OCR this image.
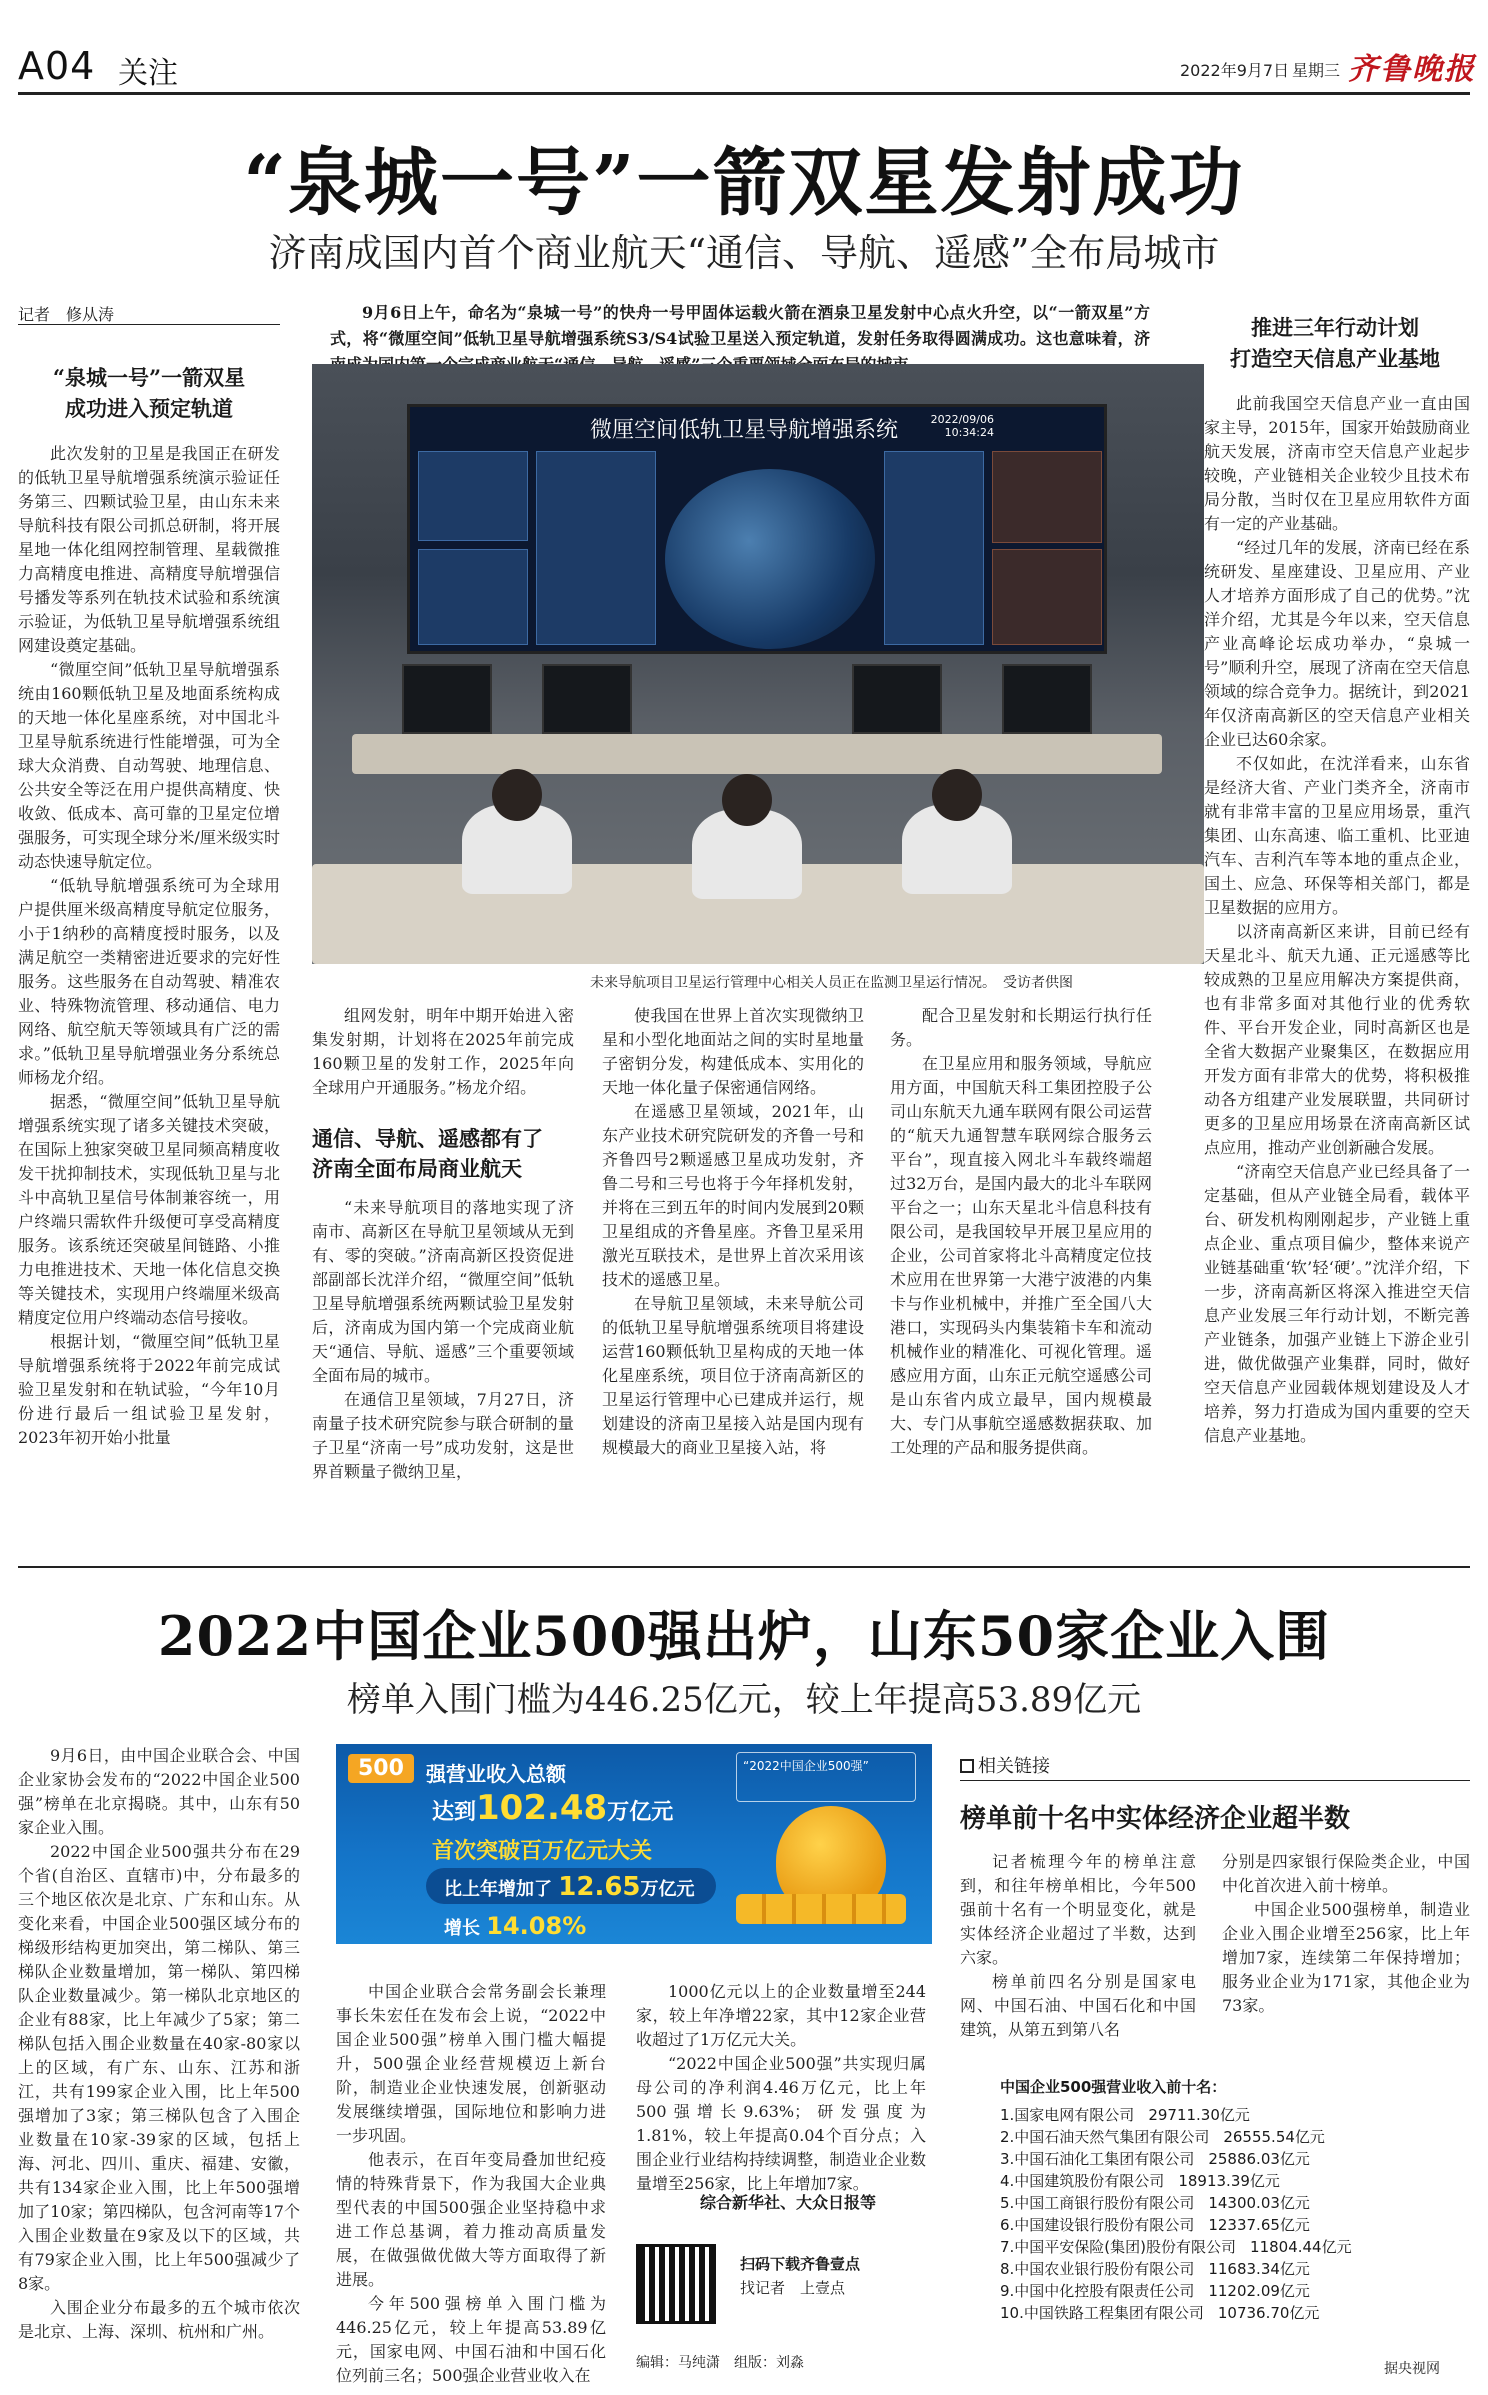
A04 关注	2022年9月7日 星期三 齐鲁晚报
“泉城一号”一箭双星发射成功
济南成国内首个商业航天“通信、导航、遥感”全布局城市
记者　修从涛	9月6日上午，命名为“泉城一号”的快舟一号甲固体运载火箭在酒泉卫星发射中心点火升空，以“一箭双星”方式，将“微厘空间”低轨卫星导航增强系统S3/S4试验卫星送入预定轨道，发射任务取得圆满成功。这也意味着，济
“泉城一号”一箭双星
成功进入预定轨道

此次发射的卫星是我国正在研发的低轨卫星导航增强系统演示验证任务第三、四颗试验卫星，由山东未来导航科技有限公司抓总研制，将开展星地一体化组网控制管理、星载微推力高精度电推进、高精度导航增强信号播发等系列在轨技术试验和系统演示验证，为低轨卫星导航增强系统组网建设奠定基础。

“微厘空间”低轨卫星导航增强系统由160颗低轨卫星及地面系统构成的天地一体化星座系统，对中国北斗卫星导航系统进行性能增强，可为全球大众消费、自动驾驶、地理信息、公共安全等泛在用户提供高精度、快收敛、低成本、高可靠的卫星定位增强服务，可实现全球分米/厘米级实时动态快速导航定位。

“低轨导航增强系统可为全球用户提供厘米级高精度导航定位服务，小于1纳秒的高精度授时服务，以及满足航空一类精密进近要求的完好性服务。这些服务在自动驾驶、精准农业、特殊物流管理、移动通信、电力网络、航空航天等领域具有广泛的需求。”低轨卫星导航增强业务分系统总师杨龙介绍。

据悉，“微厘空间”低轨卫星导航增强系统实现了诸多关键技术突破，在国际上独家突破卫星同频高精度收发干扰抑制技术，实现低轨卫星与北斗中高轨卫星信号体制兼容统一，用户终端只需软件升级便可享受高精度服务。该系统还突破星间链路、小推力电推进技术、天地一体化信息交换等关键技术，实现用户终端厘米级高精度定位用户终端动态信号接收。

根据计划，“微厘空间”低轨卫星导航增强系统将于2022年前完成试验卫星发射和在轨试验，“今年10月份进行最后一组试验卫星发射，2023年初开始小批量

微厘空间低轨卫星导航增强系统	2022/09/06
10:34:24
未来导航项目卫星运行管理中心相关人员正在监测卫星运行情况。　受访者供图

组网发射，明年中期开始进入密集发射期，计划将在2025年前完成160颗卫星的发射工作，2025年向全球用户开通服务。”杨龙介绍。

通信、导航、遥感都有了
济南全面布局商业航天

“未来导航项目的落地实现了济南市、高新区在导航卫星领域从无到有、零的突破。”济南高新区投资促进部副部长沈洋介绍，“微厘空间”低轨卫星导航增强系统两颗试验卫星发射后，济南成为国内第一个完成商业航天“通信、导航、遥感”三个重要领域全面布局的城市。

在通信卫星领域，7月27日，济南量子技术研究院参与联合研制的量子卫星“济南一号”成功发射，这是世界首颗量子微纳卫星，

使我国在世界上首次实现微纳卫星和小型化地面站之间的实时星地量子密钥分发，构建低成本、实用化的天地一体化量子保密通信网络。

在遥感卫星领域，2021年，山东产业技术研究院研发的齐鲁一号和齐鲁四号2颗遥感卫星成功发射，齐鲁二号和三号也将于今年择机发射，并将在三到五年的时间内发展到20颗卫星组成的齐鲁星座。齐鲁卫星采用激光互联技术，是世界上首次采用该技术的遥感卫星。

在导航卫星领域，未来导航公司的低轨卫星导航增强系统项目将建设运营160颗低轨卫星构成的天地一体化星座系统，项目位于济南高新区的卫星运行管理中心已建成并运行，规划建设的济南卫星接入站是国内现有规模最大的商业卫星接入站，将

配合卫星发射和长期运行执行任务。

在卫星应用和服务领域，导航应用方面，中国航天科工集团控股子公司山东航天九通车联网有限公司运营的“航天九通智慧车联网综合服务云平台”，现直接入网北斗车载终端超过32万台，是国内最大的北斗车联网平台之一；山东天星北斗信息科技有限公司，是我国较早开展卫星应用的企业，公司首家将北斗高精度定位技术应用在世界第一大港宁波港的内集卡与作业机械中，并推广至全国八大港口，实现码头内集装箱卡车和流动机械作业的精准化、可视化管理。遥感应用方面，山东正元航空遥感公司是山东省内成立最早，国内规模最大、专门从事航空遥感数据获取、加工处理的产品和服务提供商。

推进三年行动计划
打造空天信息产业基地

此前我国空天信息产业一直由国家主导，2015年，国家开始鼓励商业航天发展，济南市空天信息产业起步较晚，产业链相关企业较少且技术布局分散，当时仅在卫星应用软件方面有一定的产业基础。

“经过几年的发展，济南已经在系统研发、星座建设、卫星应用、产业人才培养方面形成了自己的优势。”沈洋介绍，尤其是今年以来，空天信息产业高峰论坛成功举办，“泉城一号”顺利升空，展现了济南在空天信息领域的综合竞争力。据统计，到2021年仅济南高新区的空天信息产业相关企业已达60余家。

不仅如此，在沈洋看来，山东省是经济大省、产业门类齐全，济南市就有非常丰富的卫星应用场景，重汽集团、山东高速、临工重机、比亚迪汽车、吉利汽车等本地的重点企业，国土、应急、环保等相关部门，都是卫星数据的应用方。

以济南高新区来讲，目前已经有天星北斗、航天九通、正元遥感等比较成熟的卫星应用解决方案提供商，也有非常多面对其他行业的优秀软件、平台开发企业，同时高新区也是全省大数据产业聚集区，在数据应用开发方面有非常大的优势，将积极推动各方组建产业发展联盟，共同研讨更多的卫星应用场景在济南高新区试点应用，推动产业创新融合发展。

“济南空天信息产业已经具备了一定基础，但从产业链全局看，载体平台、研发机构刚刚起步，产业链上重点企业、重点项目偏少，整体来说产业链基础重‘软’轻‘硬’。”沈洋介绍，下一步，济南高新区将深入推进空天信息产业发展三年行动计划，不断完善产业链条，加强产业链上下游企业引进，做优做强产业集群，同时，做好空天信息产业园载体规划建设及人才培养，努力打造成为国内重要的空天信息产业基地。

2022中国企业500强出炉，山东50家企业入围
榜单入围门槛为446.25亿元，较上年提高53.89亿元

9月6日，由中国企业联合会、中国企业家协会发布的“2022中国企业500强”榜单在北京揭晓。其中，山东有50家企业入围。

2022中国企业500强共分布在29个省(自治区、直辖市)中，分布最多的三个地区依次是北京、广东和山东。从变化来看，中国企业500强区域分布的梯级形结构更加突出，第二梯队、第三梯队企业数量增加，第一梯队、第四梯队企业数量减少。第一梯队北京地区的企业有88家，比上年减少了5家；第二梯队包括入围企业数量在40家-80家以上的区域，有广东、山东、江苏和浙江，共有199家企业入围，比上年500强增加了3家；第三梯队包含了入围企业数量在10家-39家的区域，包括上海、河北、四川、重庆、福建、安徽，共有134家企业入围，比上年500强增加了10家；第四梯队，包含河南等17个入围企业数量在9家及以下的区域，共有79家企业入围，比上年500强减少了8家。

入围企业分布最多的五个城市依次是北京、上海、深圳、杭州和广州。

500	强营业收入总额
达到102.48万亿元
首次突破百万亿元大关
比上年增加了 12.65万亿元
增长 14.08%
“2022中国企业500强”

中国企业联合会常务副会长兼理事长朱宏任在发布会上说，“2022中国企业500强”榜单入围门槛大幅提升，500强企业经营规模迈上新台阶，制造业企业快速发展，创新驱动发展继续增强，国际地位和影响力进一步巩固。

他表示，在百年变局叠加世纪疫情的特殊背景下，作为我国大企业典型代表的中国500强企业坚持稳中求进工作总基调，着力推动高质量发展，在做强做优做大等方面取得了新进展。

今年500强榜单入围门槛为446.25亿元，较上年提高53.89亿元，国家电网、中国石油和中国石化位列前三名；500强企业营业收入在

1000亿元以上的企业数量增至244家，较上年净增22家，其中12家企业营收超过了1万亿元大关。

“2022中国企业500强”共实现归属母公司的净利润4.46万亿元，比上年500强增长9.63%；研发强度为1.81%，较上年提高0.04个百分点；入围企业行业结构持续调整，制造业企业数量增至256家，比上年增加7家。

综合新华社、大众日报等
扫码下载齐鲁壹点
找记者　上壹点
相关链接
榜单前十名中实体经济企业超半数

记者梳理今年的榜单注意到，和往年榜单相比，今年500强前十名有一个明显变化，就是实体经济企业超过了半数，达到六家。

榜单前四名分别是国家电网、中国石油、中国石化和中国建筑，从第五到第八名

分别是四家银行保险类企业，中国中化首次进入前十榜单。

中国企业500强榜单，制造业企业入围企业增至256家，比上年增加7家，连续第二年保持增加；服务业企业为171家，其他企业为73家。

中国企业500强营业收入前十名：
1.国家电网有限公司 29711.30亿元
2.中国石油天然气集团有限公司 26555.54亿元
3.中国石油化工集团有限公司 25886.03亿元
4.中国建筑股份有限公司 18913.39亿元
5.中国工商银行股份有限公司 14300.03亿元
6.中国建设银行股份有限公司 12337.65亿元
7.中国平安保险(集团)股份有限公司 11804.44亿元
8.中国农业银行股份有限公司 11683.34亿元
9.中国中化控股有限责任公司 11202.09亿元
10.中国铁路工程集团有限公司 10736.70亿元
编辑：马纯潇　组版：刘淼	据央视网
